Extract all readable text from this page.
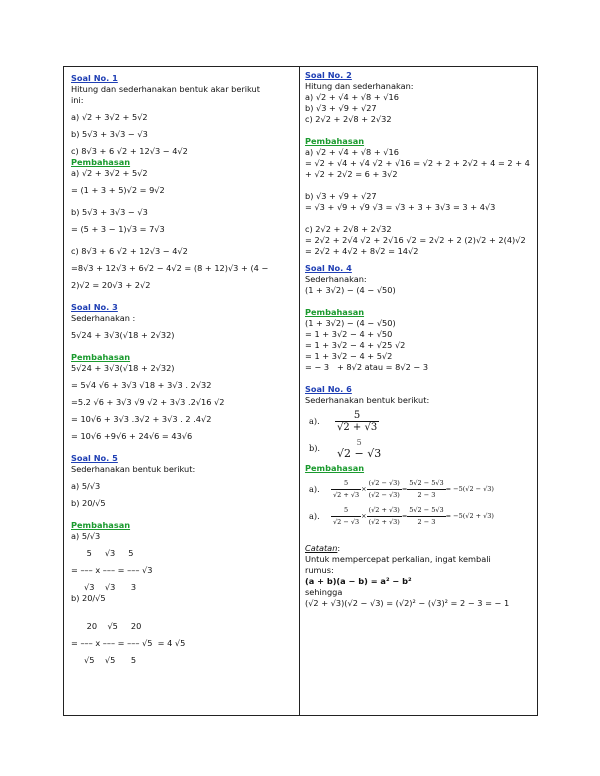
Soal No. 1
Hitung dan sederhanakan bentuk akar berikut
ini:
a) √2 + 3√2 + 5√2
b) 5√3 + 3√3 − √3
c) 8√3 + 6 √2 + 12√3 − 4√2
Pembahasan
a) √2 + 3√2 + 5√2
= (1 + 3 + 5)√2 = 9√2
b) 5√3 + 3√3 − √3
= (5 + 3 − 1)√3 = 7√3
c) 8√3 + 6 √2 + 12√3 − 4√2
=8√3 + 12√3 + 6√2 − 4√2 = (8 + 12)√3 + (4 −
2)√2 = 20√3 + 2√2
Soal No. 3
Sederhanakan :
5√24 + 3√3(√18 + 2√32)
Pembahasan
5√24 + 3√3(√18 + 2√32)
= 5√4 √6 + 3√3 √18 + 3√3 . 2√32
=5.2 √6 + 3√3 √9 √2 + 3√3 .2√16 √2
= 10√6 + 3√3 .3√2 + 3√3 . 2 .4√2
= 10√6 +9√6 + 24√6 = 43√6
Soal No. 5
Sederhanakan bentuk berikut:
a) 5/√3
b) 20/√5
Pembahasan
a) 5/√3
5     √3     5
= ––– x ––– = ––– √3
√3    √3      3
b) 20/√5
20    √5     20
= ––– x ––– = ––– √5  = 4 √5
√5    √5      5
Soal No. 2
Hitung dan sederhanakan:
a) √2 + √4 + √8 + √16
b) √3 + √9 + √27
c) 2√2 + 2√8 + 2√32
Pembahasan
a) √2 + √4 + √8 + √16
= √2 + √4 + √4 √2 + √16 = √2 + 2 + 2√2 + 4 = 2 + 4 + √2 + 2√2 = 6 + 3√2
b) √3 + √9 + √27
= √3 + √9 + √9 √3 = √3 + 3 + 3√3 = 3 + 4√3
c) 2√2 + 2√8 + 2√32
= 2√2 + 2√4 √2 + 2√16 √2 = 2√2 + 2 (2)√2 + 2(4)√2 = 2√2 + 4√2 + 8√2 = 14√2
Soal No. 4
Sederhanakan:
(1 + 3√2) − (4 − √50)
Pembahasan
(1 + 3√2) − (4 − √50)
= 1 + 3√2 − 4 + √50
= 1 + 3√2 − 4 + √25 √2
= 1 + 3√2 − 4 + 5√2
= − 3   + 8√2 atau = 8√2 − 3
Soal No. 6
Sederhanakan bentuk berikut:
a).	$\frac{5}{√2 + √3}$
b).	5
√2 − √3
Pembahasan
a).	$\frac{5}{√2 + √3} \times \frac{(√2 - √3)}{(√2 - √3)} = \frac{5√2 - 5√3}{2 - 3} = -5(√2 - √3)$
a).	$\frac{5}{√2 - √3} \times \frac{(√2 + √3)}{(√2 + √3)} = \frac{5√2 - 5√3}{2 - 3} = -5(√2 + √3)$
Catatan:
Untuk mempercepat perkalian, ingat kembali
rumus:
(a + b)(a − b) = a² − b²
sehingga
(√2 + √3)(√2 − √3) = (√2)² − (√3)² = 2 − 3 = − 1
